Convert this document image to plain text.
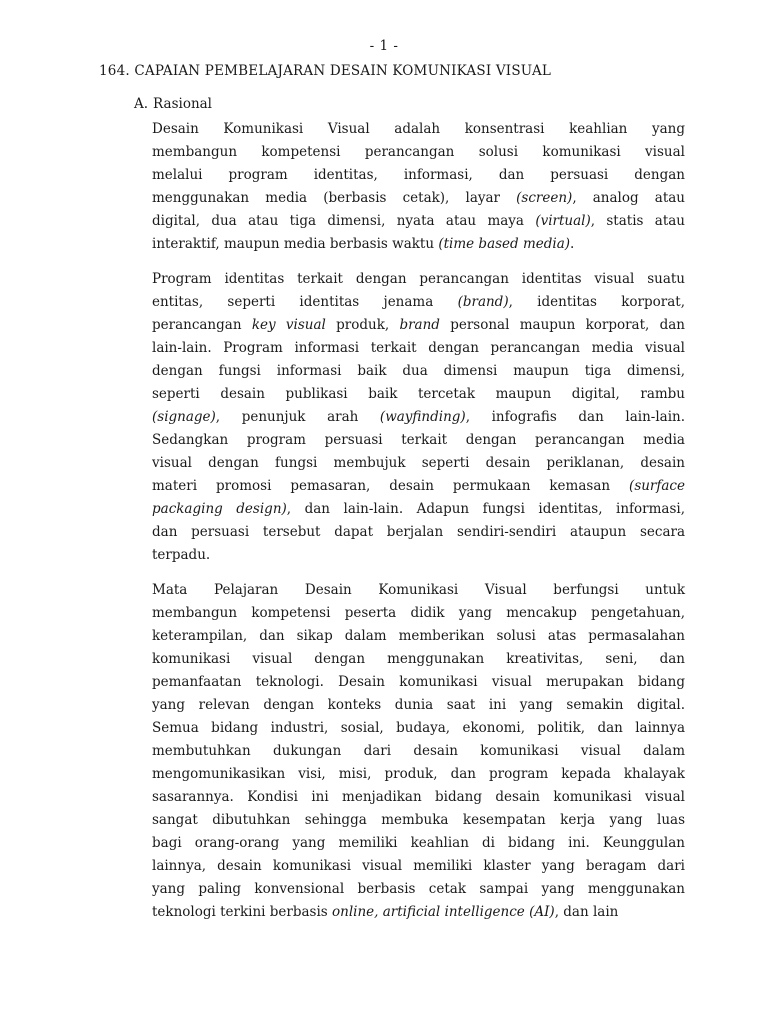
- 1 -
164. CAPAIAN PEMBELAJARAN DESAIN KOMUNIKASI VISUAL
A. Rasional
Desain Komunikasi Visual adalah konsentrasi keahlian yang
membangun kompetensi perancangan solusi komunikasi visual
melalui program identitas, informasi, dan persuasi dengan
menggunakan media (berbasis cetak), layar (screen), analog atau
digital, dua atau tiga dimensi, nyata atau maya (virtual), statis atau
interaktif, maupun media berbasis waktu (time based media).
Program identitas terkait dengan perancangan identitas visual suatu
entitas, seperti identitas jenama (brand), identitas korporat,
perancangan key visual produk, brand personal maupun korporat, dan
lain-lain. Program informasi terkait dengan perancangan media visual
dengan fungsi informasi baik dua dimensi maupun tiga dimensi,
seperti desain publikasi baik tercetak maupun digital, rambu
(signage), penunjuk arah (wayfinding), infografis dan lain-lain.
Sedangkan program persuasi terkait dengan perancangan media
visual dengan fungsi membujuk seperti desain periklanan, desain
materi promosi pemasaran, desain permukaan kemasan (surface
packaging design), dan lain-lain. Adapun fungsi identitas, informasi,
dan persuasi tersebut dapat berjalan sendiri-sendiri ataupun secara
terpadu.
Mata Pelajaran Desain Komunikasi Visual berfungsi untuk
membangun kompetensi peserta didik yang mencakup pengetahuan,
keterampilan, dan sikap dalam memberikan solusi atas permasalahan
komunikasi visual dengan menggunakan kreativitas, seni, dan
pemanfaatan teknologi. Desain komunikasi visual merupakan bidang
yang relevan dengan konteks dunia saat ini yang semakin digital.
Semua bidang industri, sosial, budaya, ekonomi, politik, dan lainnya
membutuhkan dukungan dari desain komunikasi visual dalam
mengomunikasikan visi, misi, produk, dan program kepada khalayak
sasarannya. Kondisi ini menjadikan bidang desain komunikasi visual
sangat dibutuhkan sehingga membuka kesempatan kerja yang luas
bagi orang-orang yang memiliki keahlian di bidang ini. Keunggulan
lainnya, desain komunikasi visual memiliki klaster yang beragam dari
yang paling konvensional berbasis cetak sampai yang menggunakan
teknologi terkini berbasis online, artificial intelligence (AI), dan lain
